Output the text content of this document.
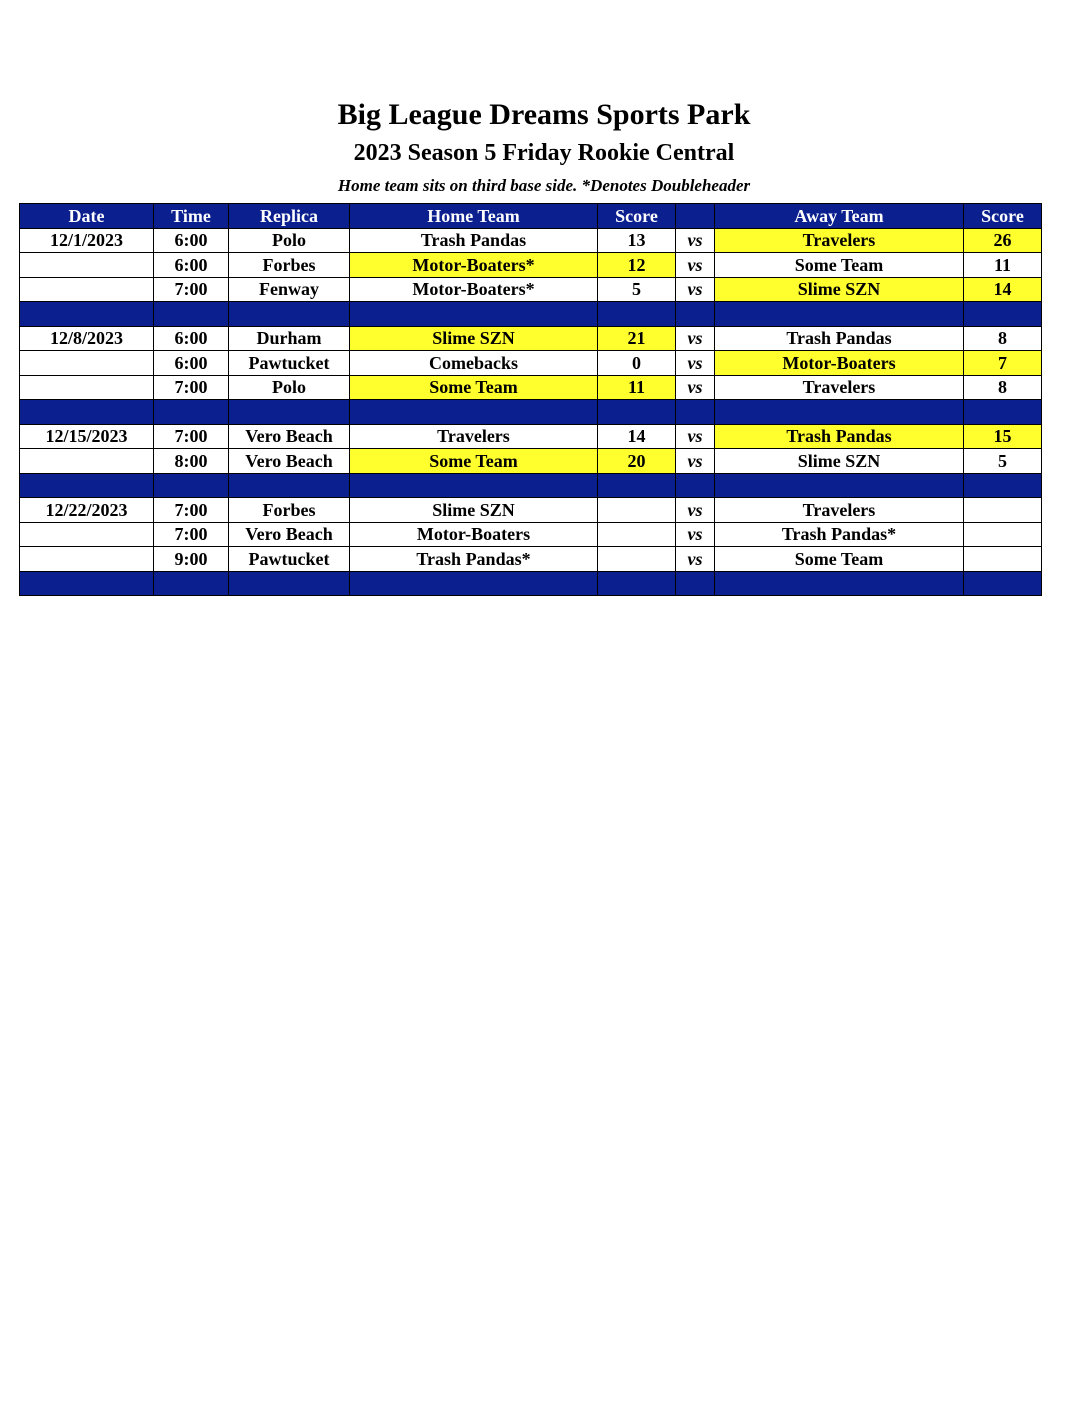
Big League Dreams Sports Park
2023 Season 5 Friday Rookie Central
Home team sits on third base side. *Denotes Doubleheader
Date	Time	Replica	Home Team	Score		Away Team	Score
12/1/2023	6:00	Polo	Trash Pandas	13	vs	Travelers	26
	6:00	Forbes	Motor-Boaters*	12	vs	Some Team	11
	7:00	Fenway	Motor-Boaters*	5	vs	Slime SZN	14

12/8/2023	6:00	Durham	Slime SZN	21	vs	Trash Pandas	8
	6:00	Pawtucket	Comebacks	0	vs	Motor-Boaters	7
	7:00	Polo	Some Team	11	vs	Travelers	8

12/15/2023	7:00	Vero Beach	Travelers	14	vs	Trash Pandas	15
	8:00	Vero Beach	Some Team	20	vs	Slime SZN	5

12/22/2023	7:00	Forbes	Slime SZN		vs	Travelers	
	7:00	Vero Beach	Motor-Boaters		vs	Trash Pandas*	
	9:00	Pawtucket	Trash Pandas*		vs	Some Team	
